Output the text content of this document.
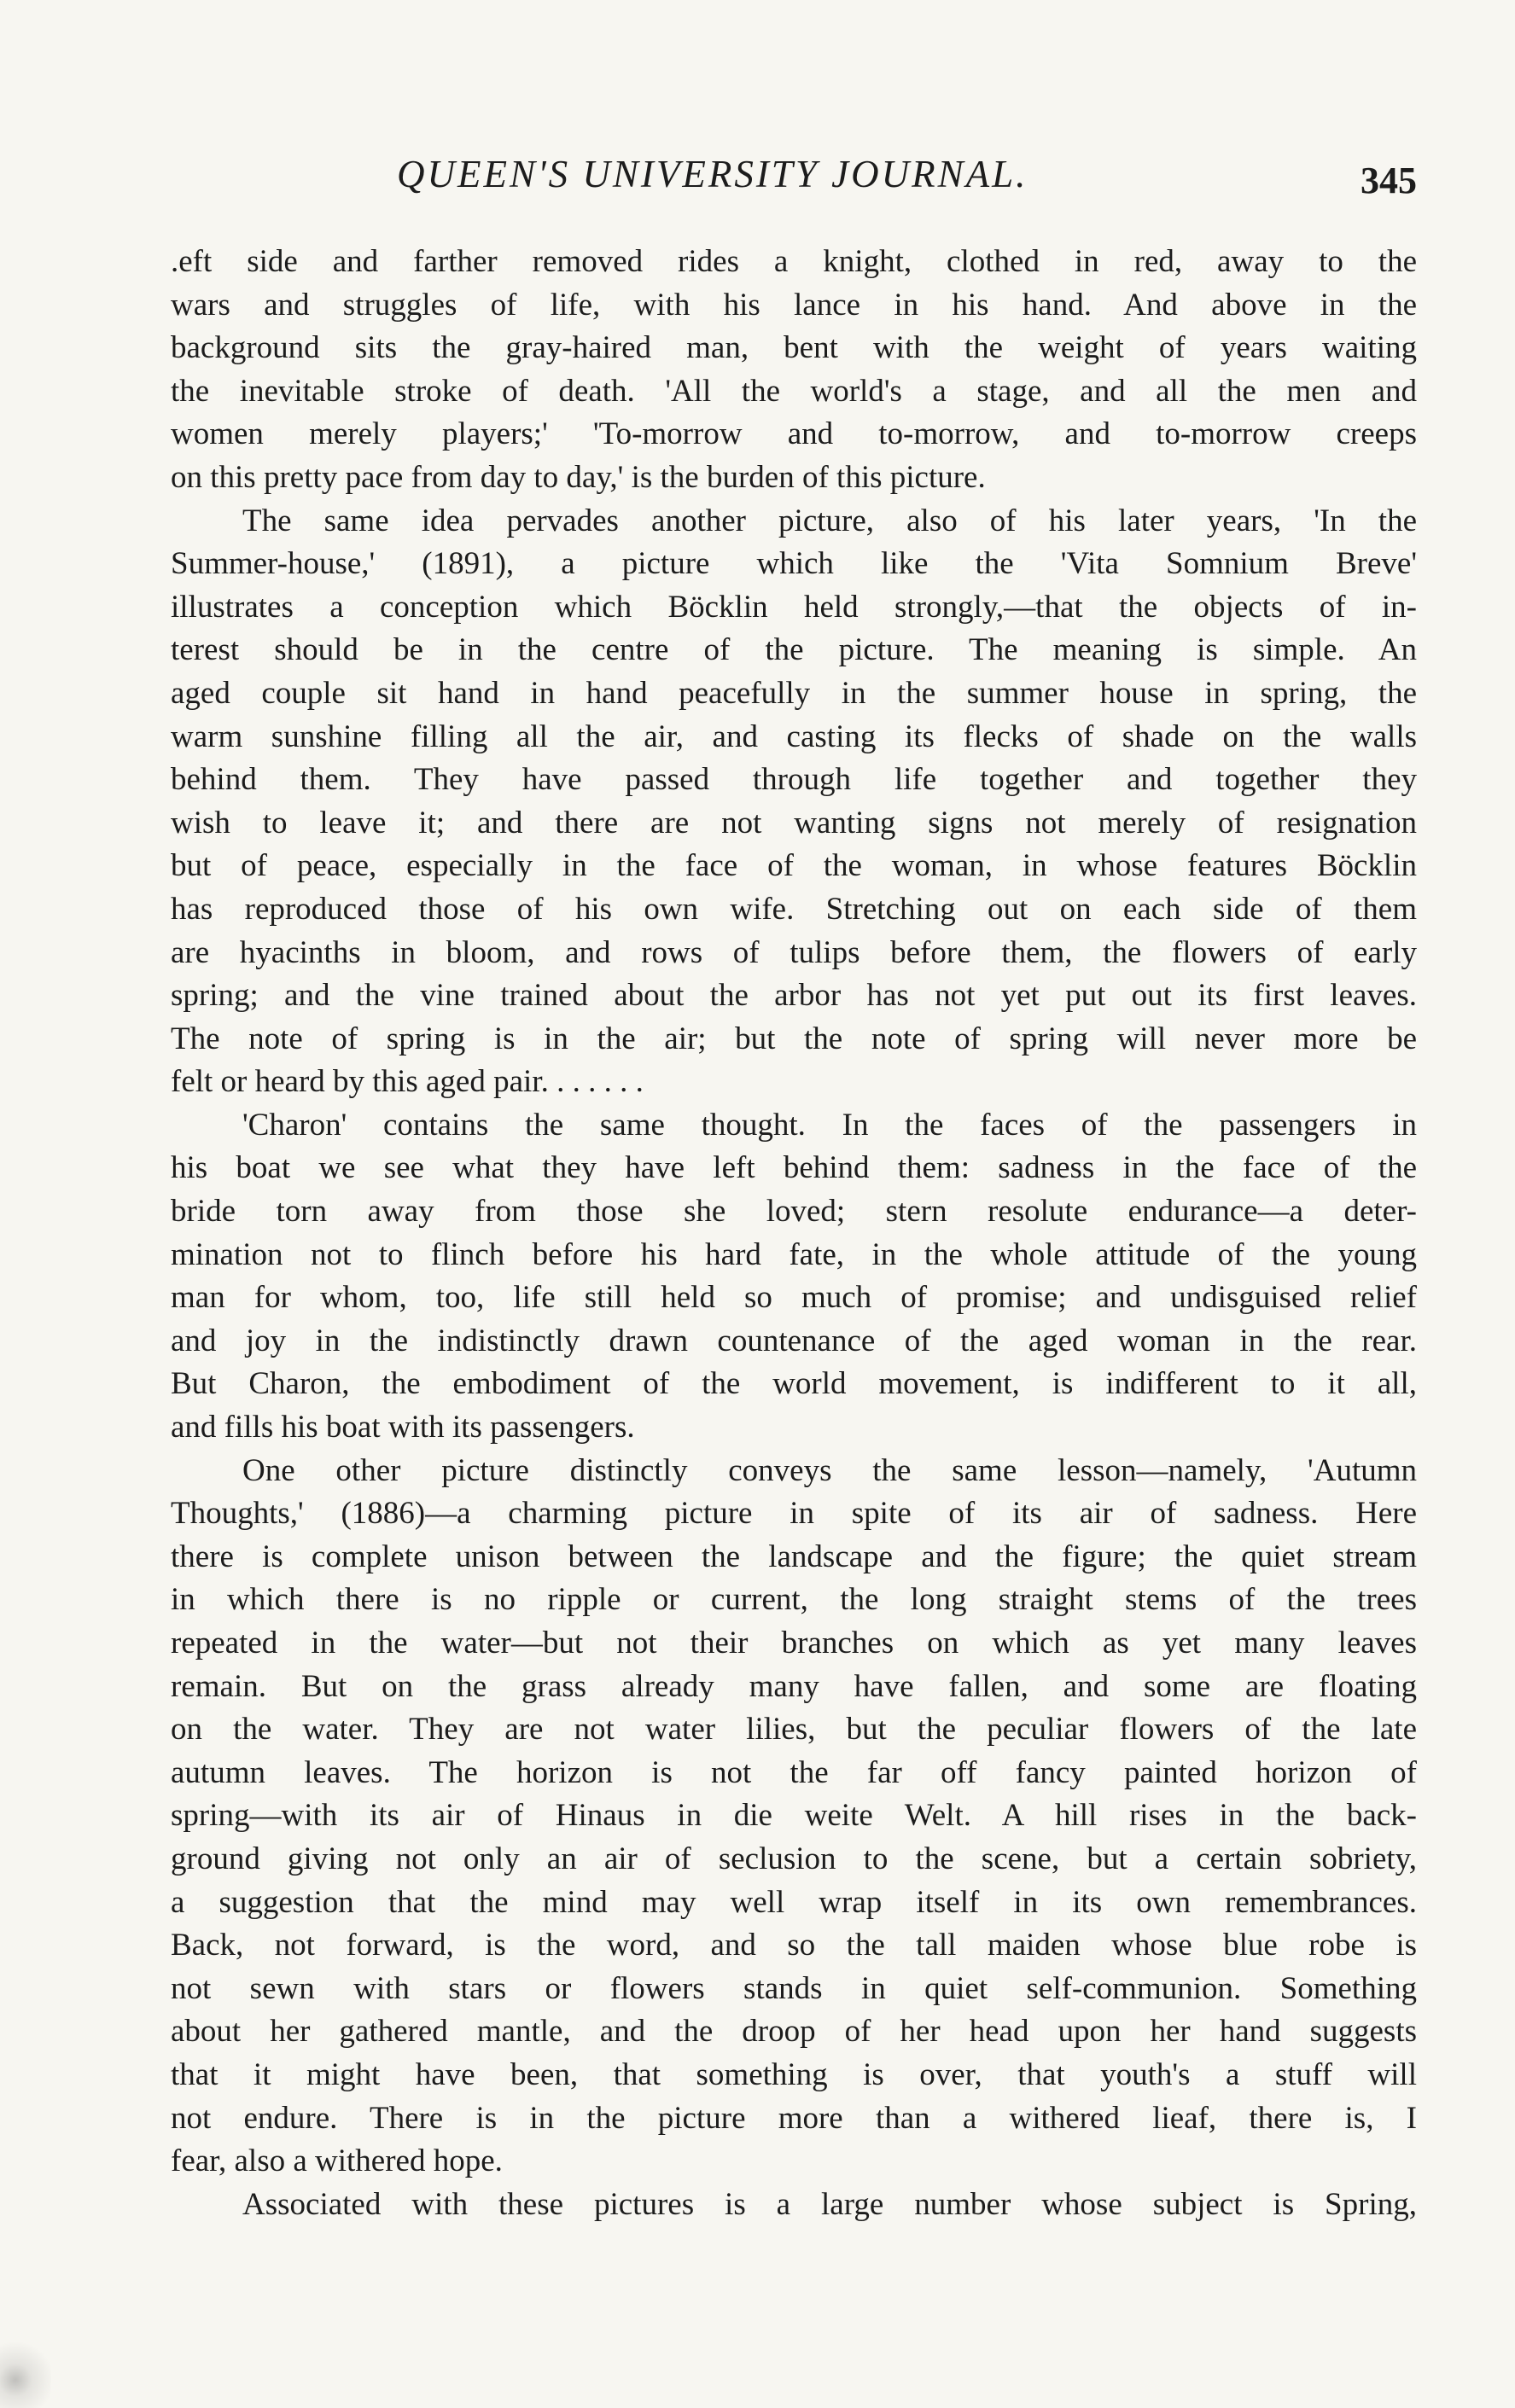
QUEEN'S UNIVERSITY JOURNAL.	345
.eft side and farther removed rides a knight, clothed in red, away to the
wars and struggles of life, with his lance in his hand. And above in the
background sits the gray-haired man, bent with the weight of years waiting
the inevitable stroke of death. 'All the world's a stage, and all the men and
women merely players;' 'To-morrow and to-morrow, and to-morrow creeps
on this pretty pace from day to day,' is the burden of this picture.
The same idea pervades another picture, also of his later years, 'In the
Summer-house,' (1891), a picture which like the 'Vita Somnium Breve'
illustrates a conception which Böcklin held strongly,—that the objects of in-
terest should be in the centre of the picture. The meaning is simple. An
aged couple sit hand in hand peacefully in the summer house in spring, the
warm sunshine filling all the air, and casting its flecks of shade on the walls
behind them. They have passed through life together and together they
wish to leave it; and there are not wanting signs not merely of resignation
but of peace, especially in the face of the woman, in whose features Böcklin
has reproduced those of his own wife. Stretching out on each side of them
are hyacinths in bloom, and rows of tulips before them, the flowers of early
spring; and the vine trained about the arbor has not yet put out its first leaves.
The note of spring is in the air; but the note of spring will never more be
felt or heard by this aged pair. . . . . . .
'Charon' contains the same thought. In the faces of the passengers in
his boat we see what they have left behind them: sadness in the face of the
bride torn away from those she loved; stern resolute endurance—a deter-
mination not to flinch before his hard fate, in the whole attitude of the young
man for whom, too, life still held so much of promise; and undisguised relief
and joy in the indistinctly drawn countenance of the aged woman in the rear.
But Charon, the embodiment of the world movement, is indifferent to it all,
and fills his boat with its passengers.
One other picture distinctly conveys the same lesson—namely, 'Autumn
Thoughts,' (1886)—a charming picture in spite of its air of sadness. Here
there is complete unison between the landscape and the figure; the quiet stream
in which there is no ripple or current, the long straight stems of the trees
repeated in the water—but not their branches on which as yet many leaves
remain. But on the grass already many have fallen, and some are floating
on the water. They are not water lilies, but the peculiar flowers of the late
autumn leaves. The horizon is not the far off fancy painted horizon of
spring—with its air of Hinaus in die weite Welt. A hill rises in the back-
ground giving not only an air of seclusion to the scene, but a certain sobriety,
a suggestion that the mind may well wrap itself in its own remembrances.
Back, not forward, is the word, and so the tall maiden whose blue robe is
not sewn with stars or flowers stands in quiet self-communion. Something
about her gathered mantle, and the droop of her head upon her hand suggests
that it might have been, that something is over, that youth's a stuff will
not endure. There is in the picture more than a withered lieaf, there is, I
fear, also a withered hope.
Associated with these pictures is a large number whose subject is Spring,
